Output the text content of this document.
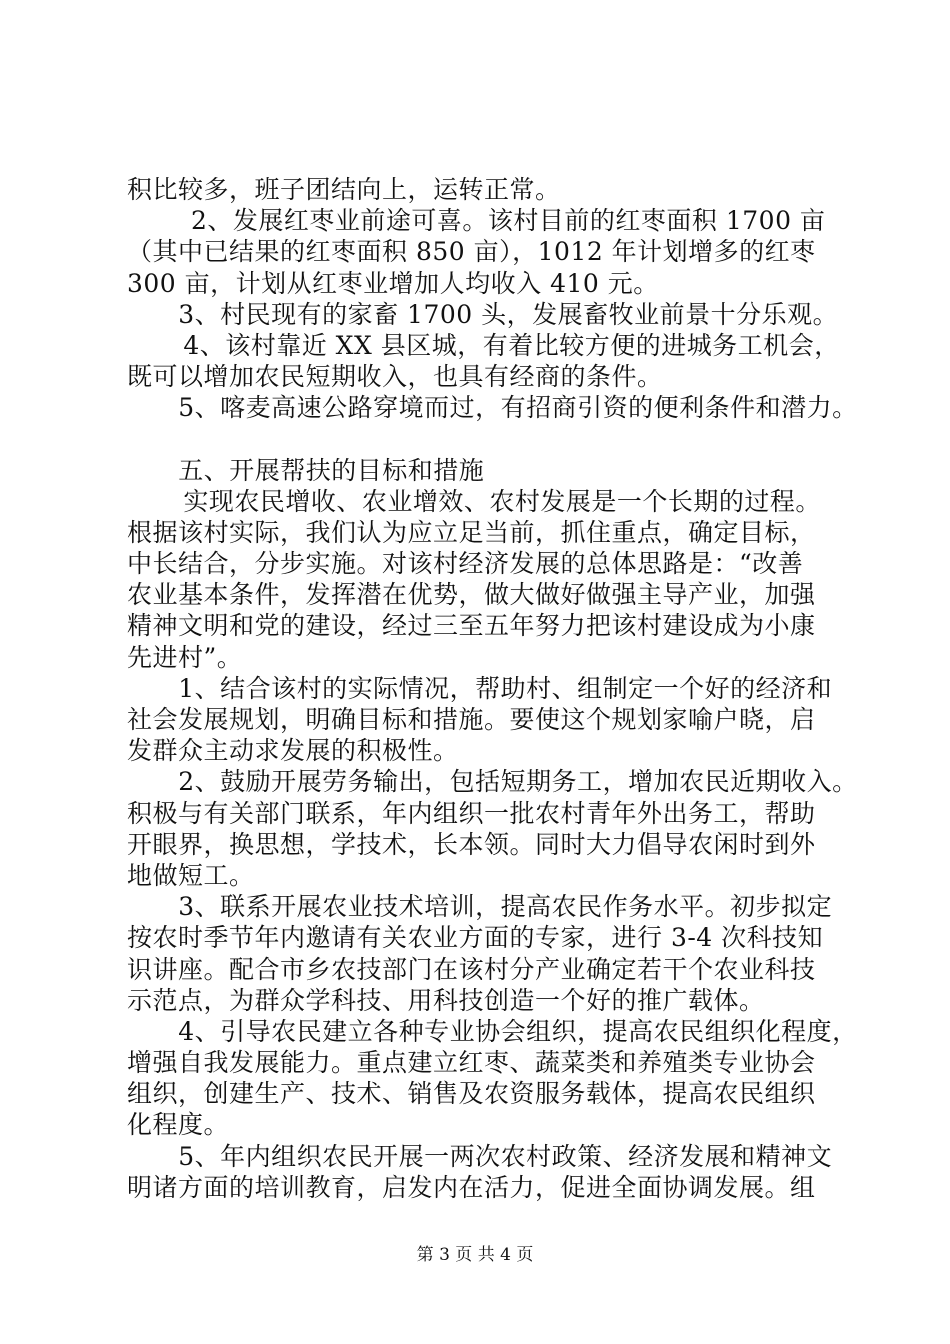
积比较多，班子团结向上，运转正常。
2、发展红枣业前途可喜。该村目前的红枣面积 1700 亩
（其中已结果的红枣面积 850 亩），1012 年计划增多的红枣
300 亩，计划从红枣业增加人均收入 410 元。
3、村民现有的家畜 1700 头，发展畜牧业前景十分乐观。
4、该村靠近 XX 县区城，有着比较方便的进城务工机会，
既可以增加农民短期收入，也具有经商的条件。
5、喀麦高速公路穿境而过，有招商引资的便利条件和潜力。
五、开展帮扶的目标和措施
实现农民增收、农业增效、农村发展是一个长期的过程。
根据该村实际，我们认为应立足当前，抓住重点，确定目标，
中长结合，分步实施。对该村经济发展的总体思路是：“改善
农业基本条件，发挥潜在优势，做大做好做强主导产业，加强
精神文明和党的建设，经过三至五年努力把该村建设成为小康
先进村”。
1、结合该村的实际情况，帮助村、组制定一个好的经济和
社会发展规划，明确目标和措施。要使这个规划家喻户晓，启
发群众主动求发展的积极性。
2、鼓励开展劳务输出，包括短期务工，增加农民近期收入。
积极与有关部门联系，年内组织一批农村青年外出务工，帮助
开眼界，换思想，学技术，长本领。同时大力倡导农闲时到外
地做短工。
3、联系开展农业技术培训，提高农民作务水平。初步拟定
按农时季节年内邀请有关农业方面的专家，进行 3-4 次科技知
识讲座。配合市乡农技部门在该村分产业确定若干个农业科技
示范点，为群众学科技、用科技创造一个好的推广载体。
4、引导农民建立各种专业协会组织，提高农民组织化程度，
增强自我发展能力。重点建立红枣、蔬菜类和养殖类专业协会
组织，创建生产、技术、销售及农资服务载体，提高农民组织
化程度。
5、年内组织农民开展一两次农村政策、经济发展和精神文
明诸方面的培训教育，启发内在活力，促进全面协调发展。组
第 3 页 共 4 页
